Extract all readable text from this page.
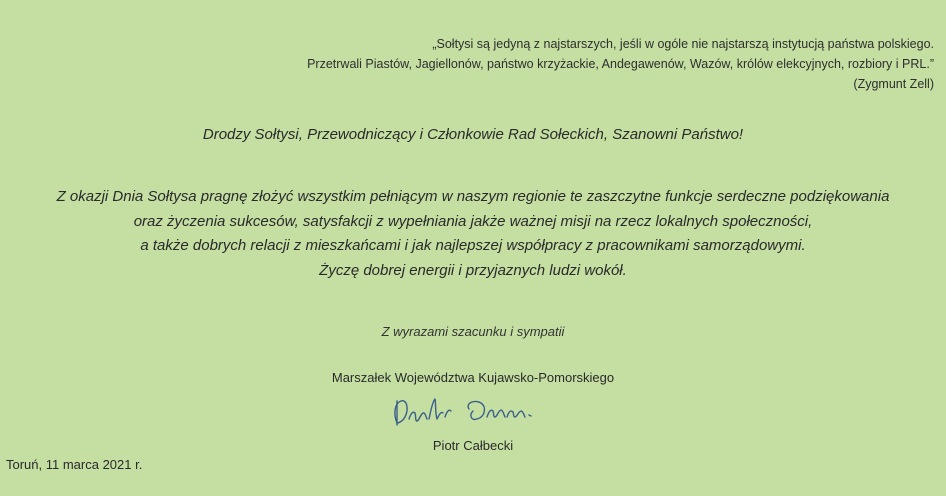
„Sołtysi są jedyną z najstarszych, jeśli w ogóle nie najstarszą instytucją państwa polskiego.
Przetrwali Piastów, Jagiellonów, państwo krzyżackie, Andegawenów, Wazów, królów elekcyjnych, rozbiory i PRL.”
(Zygmunt Zell)
Drodzy Sołtysi, Przewodniczący i Członkowie Rad Sołeckich, Szanowni Państwo!
Z okazji Dnia Sołtysa pragnę złożyć wszystkim pełniącym w naszym regionie te zaszczytne funkcje serdeczne podziękowania
oraz życzenia sukcesów, satysfakcji z wypełniania jakże ważnej misji na rzecz lokalnych społeczności,
a także dobrych relacji z mieszkańcami i jak najlepszej współpracy z pracownikami samorządowymi.
Życzę dobrej energii i przyjaznych ludzi wokół.
Z wyrazami szacunku i sympatii
Marszałek Województwa Kujawsko-Pomorskiego
Piotr Całbecki
Toruń, 11 marca 2021 r.
